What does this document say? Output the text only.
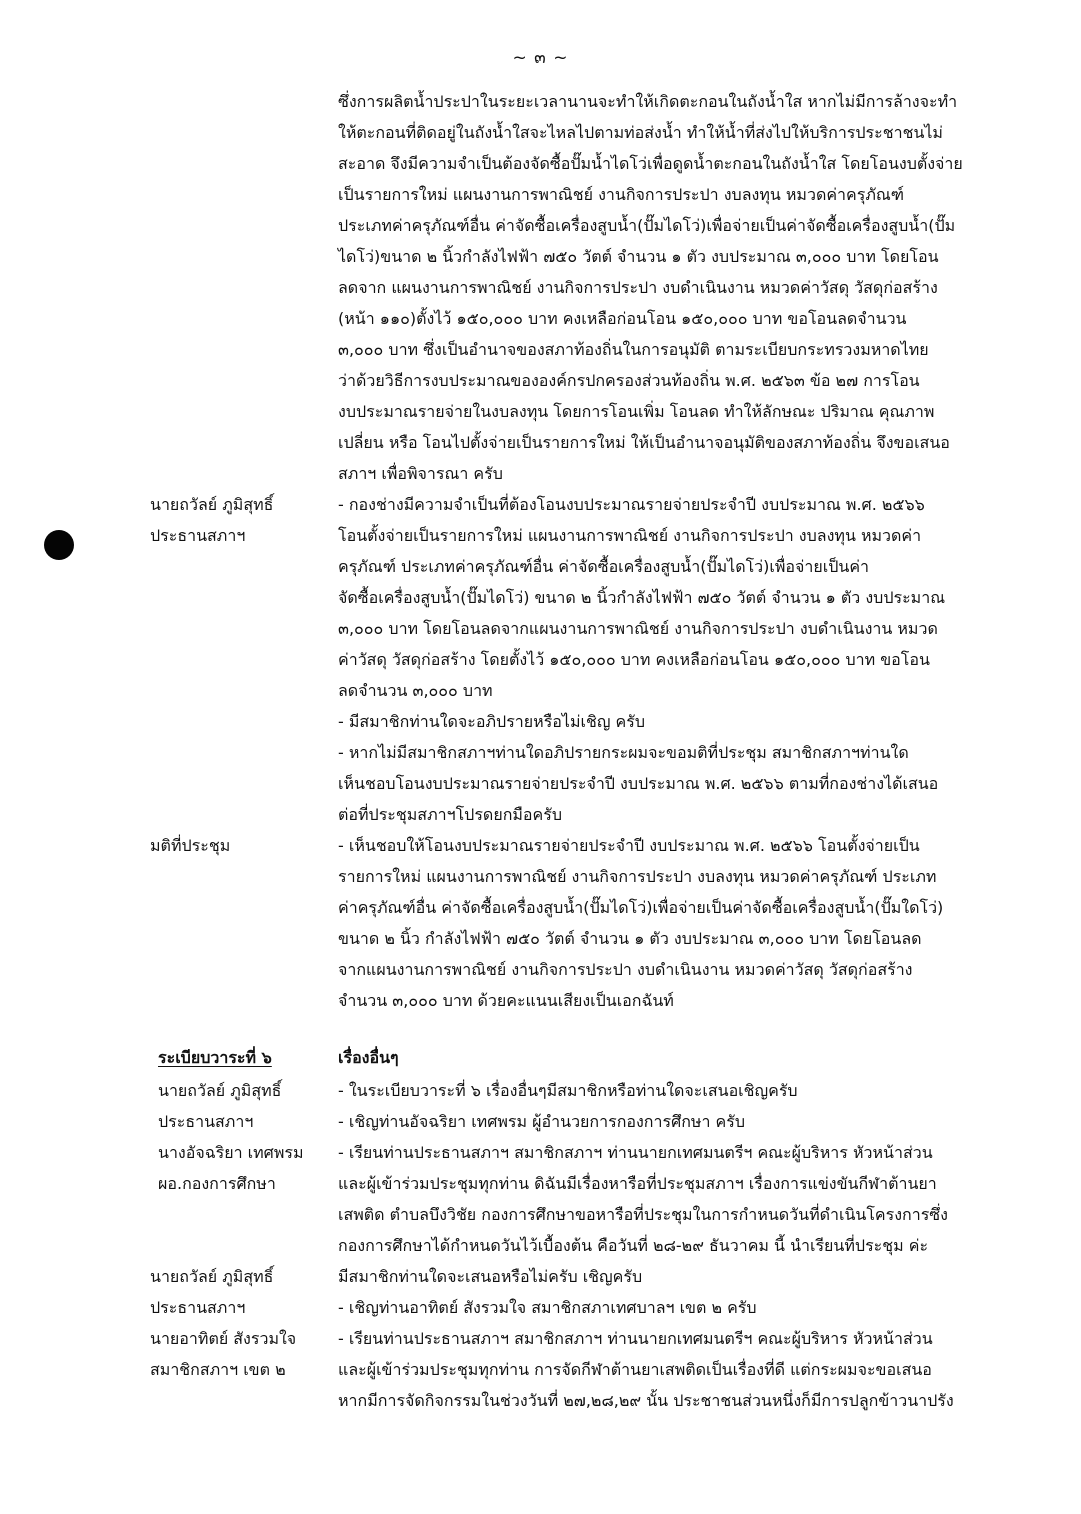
~ ๓ ~
ซึ่งการผลิตน้ำประปาในระยะเวลานานจะทำให้เกิดตะกอนในถังน้ำใส หากไม่มีการล้างจะทำ
ให้ตะกอนที่ติดอยู่ในถังน้ำใสจะไหลไปตามท่อส่งน้ำ ทำให้น้ำที่ส่งไปให้บริการประชาชนไม่
สะอาด จึงมีความจำเป็นต้องจัดซื้อปั๊มน้ำไดโว่เพื่อดูดน้ำตะกอนในถังน้ำใส โดยโอนงบตั้งจ่าย
เป็นรายการใหม่ แผนงานการพาณิชย์ งานกิจการประปา งบลงทุน หมวดค่าครุภัณฑ์
ประเภทค่าครุภัณฑ์อื่น ค่าจัดซื้อเครื่องสูบน้ำ(ปั๊มไดโว่)เพื่อจ่ายเป็นค่าจัดซื้อเครื่องสูบน้ำ(ปั๊ม
ไดโว่)ขนาด ๒ นิ้วกำลังไฟฟ้า ๗๕๐ วัตต์ จำนวน ๑ ตัว งบประมาณ ๓,๐๐๐ บาท โดยโอน
ลดจาก แผนงานการพาณิชย์ งานกิจการประปา งบดำเนินงาน หมวดค่าวัสดุ วัสดุก่อสร้าง
(หน้า ๑๑๐)ตั้งไว้ ๑๕๐,๐๐๐ บาท คงเหลือก่อนโอน ๑๕๐,๐๐๐ บาท ขอโอนลดจำนวน
๓,๐๐๐ บาท ซึ่งเป็นอำนาจของสภาท้องถิ่นในการอนุมัติ ตามระเบียบกระทรวงมหาดไทย
ว่าด้วยวิธีการงบประมาณขององค์กรปกครองส่วนท้องถิ่น พ.ศ. ๒๕๖๓ ข้อ ๒๗ การโอน
งบประมาณรายจ่ายในงบลงทุน โดยการโอนเพิ่ม โอนลด ทำให้ลักษณะ ปริมาณ คุณภาพ
เปลี่ยน หรือ โอนไปตั้งจ่ายเป็นรายการใหม่ ให้เป็นอำนาจอนุมัติของสภาท้องถิ่น จึงขอเสนอ
สภาฯ เพื่อพิจารณา ครับ
นายถวัลย์ ภูมิสุทธิ์
ประธานสภาฯ
- กองช่างมีความจำเป็นที่ต้องโอนงบประมาณรายจ่ายประจำปี งบประมาณ พ.ศ. ๒๕๖๖
โอนตั้งจ่ายเป็นรายการใหม่ แผนงานการพาณิชย์ งานกิจการประปา งบลงทุน หมวดค่า
ครุภัณฑ์ ประเภทค่าครุภัณฑ์อื่น ค่าจัดซื้อเครื่องสูบน้ำ(ปั๊มไดโว่)เพื่อจ่ายเป็นค่า
จัดซื้อเครื่องสูบน้ำ(ปั๊มไดโว่) ขนาด ๒ นิ้วกำลังไฟฟ้า ๗๕๐ วัตต์ จำนวน ๑ ตัว งบประมาณ
๓,๐๐๐ บาท โดยโอนลดจากแผนงานการพาณิชย์ งานกิจการประปา งบดำเนินงาน หมวด
ค่าวัสดุ วัสดุก่อสร้าง โดยตั้งไว้ ๑๕๐,๐๐๐ บาท คงเหลือก่อนโอน ๑๕๐,๐๐๐ บาท ขอโอน
ลดจำนวน ๓,๐๐๐ บาท
- มีสมาชิกท่านใดจะอภิปรายหรือไม่เชิญ ครับ
- หากไม่มีสมาชิกสภาฯท่านใดอภิปรายกระผมจะขอมติที่ประชุม สมาชิกสภาฯท่านใด
เห็นชอบโอนงบประมาณรายจ่ายประจำปี งบประมาณ พ.ศ. ๒๕๖๖ ตามที่กองช่างได้เสนอ
ต่อที่ประชุมสภาฯโปรดยกมือครับ
มติที่ประชุม	- เห็นชอบให้โอนงบประมาณรายจ่ายประจำปี งบประมาณ พ.ศ. ๒๕๖๖ โอนตั้งจ่ายเป็น
รายการใหม่ แผนงานการพาณิชย์ งานกิจการประปา งบลงทุน หมวดค่าครุภัณฑ์ ประเภท
ค่าครุภัณฑ์อื่น ค่าจัดซื้อเครื่องสูบน้ำ(ปั๊มไดโว่)เพื่อจ่ายเป็นค่าจัดซื้อเครื่องสูบน้ำ(ปั๊มใดโว่)
ขนาด ๒ นิ้ว กำลังไฟฟ้า ๗๕๐ วัตต์ จำนวน ๑ ตัว งบประมาณ ๓,๐๐๐ บาท โดยโอนลด
จากแผนงานการพาณิชย์ งานกิจการประปา งบดำเนินงาน หมวดค่าวัสดุ วัสดุก่อสร้าง
จำนวน ๓,๐๐๐ บาท ด้วยคะแนนเสียงเป็นเอกฉันท์
ระเบียบวาระที่ ๖	เรื่องอื่นๆ
นายถวัลย์ ภูมิสุทธิ์
ประธานสภาฯ
- ในระเบียบวาระที่ ๖ เรื่องอื่นๆมีสมาชิกหรือท่านใดจะเสนอเชิญครับ
- เชิญท่านอัจฉริยา เทศพรม ผู้อำนวยการกองการศึกษา ครับ
นางอัจฉริยา เทศพรม
ผอ.กองการศึกษา
- เรียนท่านประธานสภาฯ สมาชิกสภาฯ ท่านนายกเทศมนตรีฯ คณะผู้บริหาร หัวหน้าส่วน
และผู้เข้าร่วมประชุมทุกท่าน ดิฉันมีเรื่องหารือที่ประชุมสภาฯ เรื่องการแข่งขันกีฬาต้านยา
เสพติด ตำบลบึงวิชัย กองการศึกษาขอหารือที่ประชุมในการกำหนดวันที่ดำเนินโครงการซึ่ง
กองการศึกษาได้กำหนดวันไว้เบื้องต้น คือวันที่ ๒๘-๒๙ ธันวาคม นี้ นำเรียนที่ประชุม ค่ะ
นายถวัลย์ ภูมิสุทธิ์
ประธานสภาฯ
มีสมาชิกท่านใดจะเสนอหรือไม่ครับ เชิญครับ
- เชิญท่านอาทิตย์ สังรวมใจ สมาชิกสภาเทศบาลฯ เขต ๒ ครับ
นายอาทิตย์ สังรวมใจ
สมาชิกสภาฯ เขต ๒
- เรียนท่านประธานสภาฯ สมาชิกสภาฯ ท่านนายกเทศมนตรีฯ คณะผู้บริหาร หัวหน้าส่วน
และผู้เข้าร่วมประชุมทุกท่าน การจัดกีฬาต้านยาเสพติดเป็นเรื่องที่ดี แต่กระผมจะขอเสนอ
หากมีการจัดกิจกรรมในช่วงวันที่ ๒๗,๒๘,๒๙ นั้น ประชาชนส่วนหนึ่งก็มีการปลูกข้าวนาปรัง
